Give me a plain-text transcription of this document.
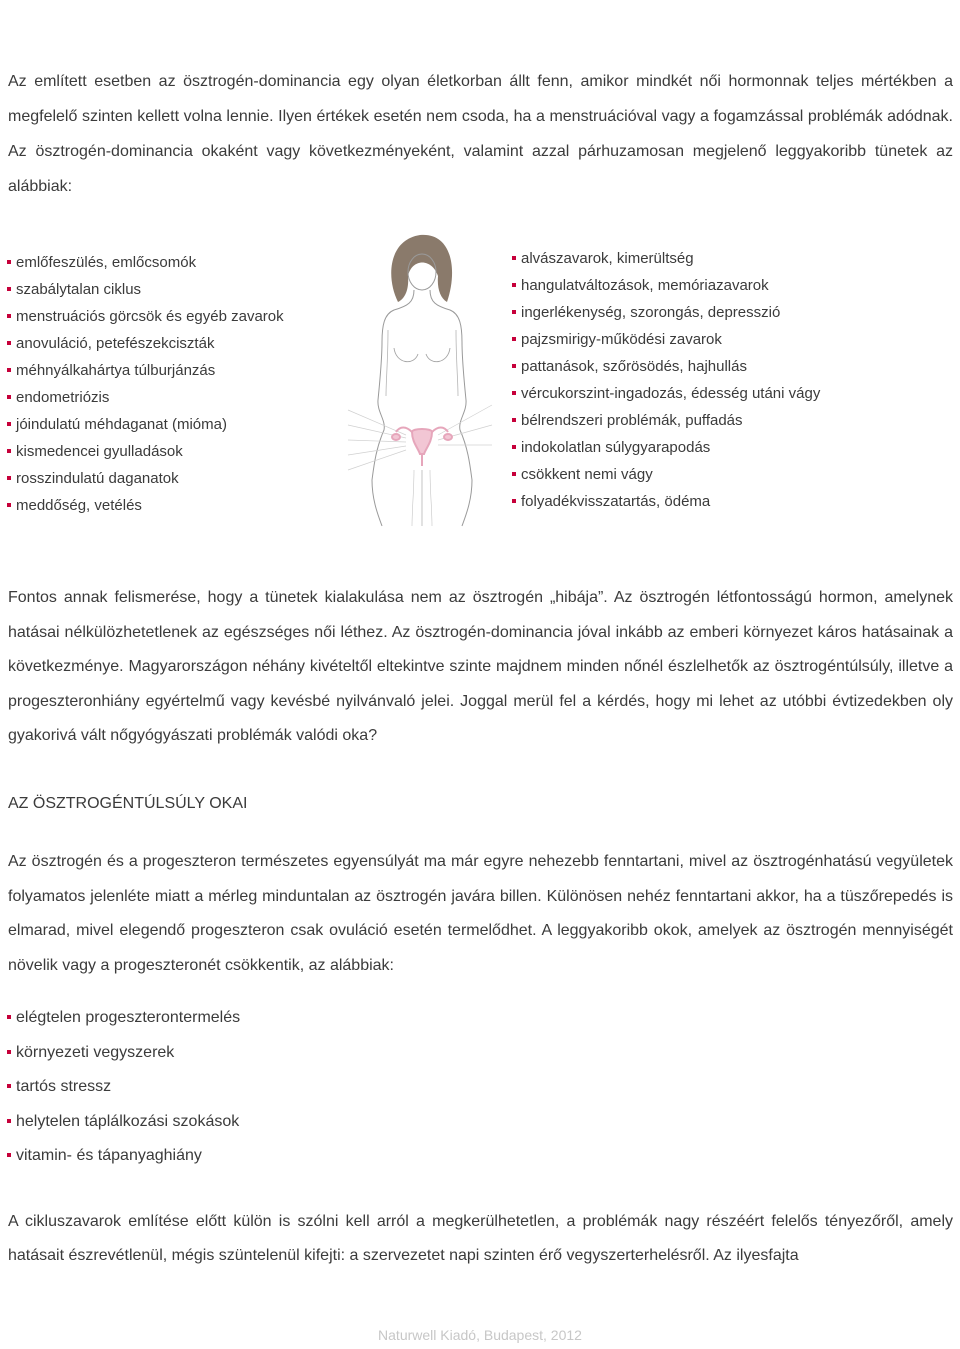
Az említett esetben az ösztrogén-dominancia egy olyan életkorban állt fenn, amikor mindkét női hormonnak teljes mértékben a megfelelő szinten kellett volna lennie. Ilyen értékek esetén nem csoda, ha a menstruációval vagy a fogamzással problémák adódnak. Az ösztrogén-dominancia okaként vagy következményeként, valamint azzal párhuzamosan megjelenő leggyakoribb tünetek az alábbiak:

emlőfeszülés, emlőcsomók
szabálytalan ciklus
menstruációs görcsök és egyéb zavarok
anovuláció, petefészekciszták
méhnyálkahártya túlburjánzás
endometriózis
jóindulatú méhdaganat (mióma)
kismedencei gyulladások
rosszindulatú daganatok
meddőség, vetélés
alvászavarok, kimerültség
hangulatváltozások, memóriazavarok
ingerlékenység, szorongás, depresszió
pajzsmirigy-működési zavarok
pattanások, szőrösödés, hajhullás
vércukorszint-ingadozás, édesség utáni vágy
bélrendszeri problémák, puffadás
indokolatlan súlygyarapodás
csökkent nemi vágy
folyadékvisszatartás, ödéma

Fontos annak felismerése, hogy a tünetek kialakulása nem az ösztrogén „hibája”. Az ösztrogén létfontosságú hormon, amelynek hatásai nélkülözhetetlenek az egészséges női léthez. Az ösztrogén-dominancia jóval inkább az emberi környezet káros hatásainak a következménye. Magyarországon néhány kivételtől eltekintve szinte majdnem minden nőnél észlelhetők az ösztrogéntúlsúly, illetve a progeszteronhiány egyértelmű vagy kevésbé nyilvánvaló jelei. Joggal merül fel a kérdés, hogy mi lehet az utóbbi évtizedekben oly gyakorivá vált nőgyógyászati problémák valódi oka?

AZ ÖSZTROGÉNTÚLSÚLY OKAI

Az ösztrogén és a progeszteron természetes egyensúlyát ma már egyre nehezebb fenntartani, mivel az ösztrogénhatású vegyületek folyamatos jelenléte miatt a mérleg minduntalan az ösztrogén javára billen. Különösen nehéz fenntartani akkor, ha a tüszőrepedés is elmarad, mivel elegendő progeszteron csak ovuláció esetén termelődhet. A leggyakoribb okok, amelyek az ösztrogén mennyiségét növelik vagy a progeszteronét csökkentik, az alábbiak:

elégtelen progeszterontermelés
környezeti vegyszerek
tartós stressz
helytelen táplálkozási szokások
vitamin- és tápanyaghiány

A cikluszavarok említése előtt külön is szólni kell arról a megkerülhetetlen, a problémák nagy részéért felelős tényezőről, amely hatásait észrevétlenül, mégis szüntelenül kifejti: a szervezetet napi szinten érő vegyszerterhelésről. Az ilyesfajta

Naturwell Kiadó, Budapest, 2012
